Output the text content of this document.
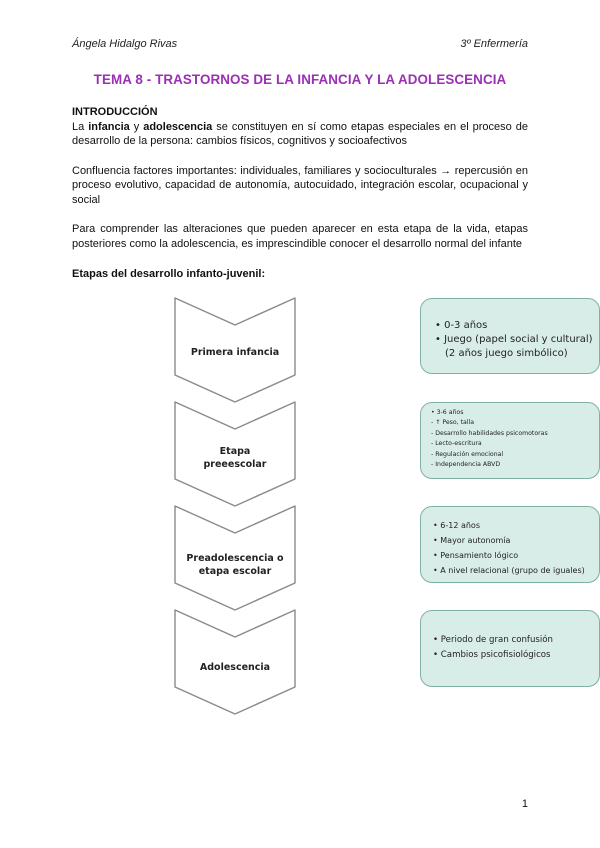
Ángela Hidalgo Rivas	3º Enfermería
TEMA 8 - TRASTORNOS DE LA INFANCIA Y LA ADOLESCENCIA
INTRODUCCIÓN

La infancia y adolescencia se constituyen en sí como etapas especiales en el proceso de desarrollo de la persona: cambios físicos, cognitivos y socioafectivos

Confluencia factores importantes: individuales, familiares y socioculturales → repercusión en proceso evolutivo, capacidad de autonomía, autocuidado, integración escolar, ocupacional y social

Para comprender las alteraciones que pueden aparecer en esta etapa de la vida, etapas posteriores como la adolescencia, es imprescindible conocer el desarrollo normal del infante

Etapas del desarrollo infanto-juvenil:
Primera infancia
Etapa preeescolar
Preadolescencia o etapa escolar
Adolescencia
• 0-3 años
• Juego (papel social y cultural)
(2 años juego simbólico)
• 3-6 años
- ↑ Peso, talla
- Desarrollo habilidades psicomotoras
- Lecto-escritura
- Regulación emocional
- Independencia ABVD
• 6-12 años
• Mayor autonomía
• Pensamiento lógico
• A nivel relacional (grupo de iguales)
• Periodo de gran confusión
• Cambios psicofisiológicos
1
